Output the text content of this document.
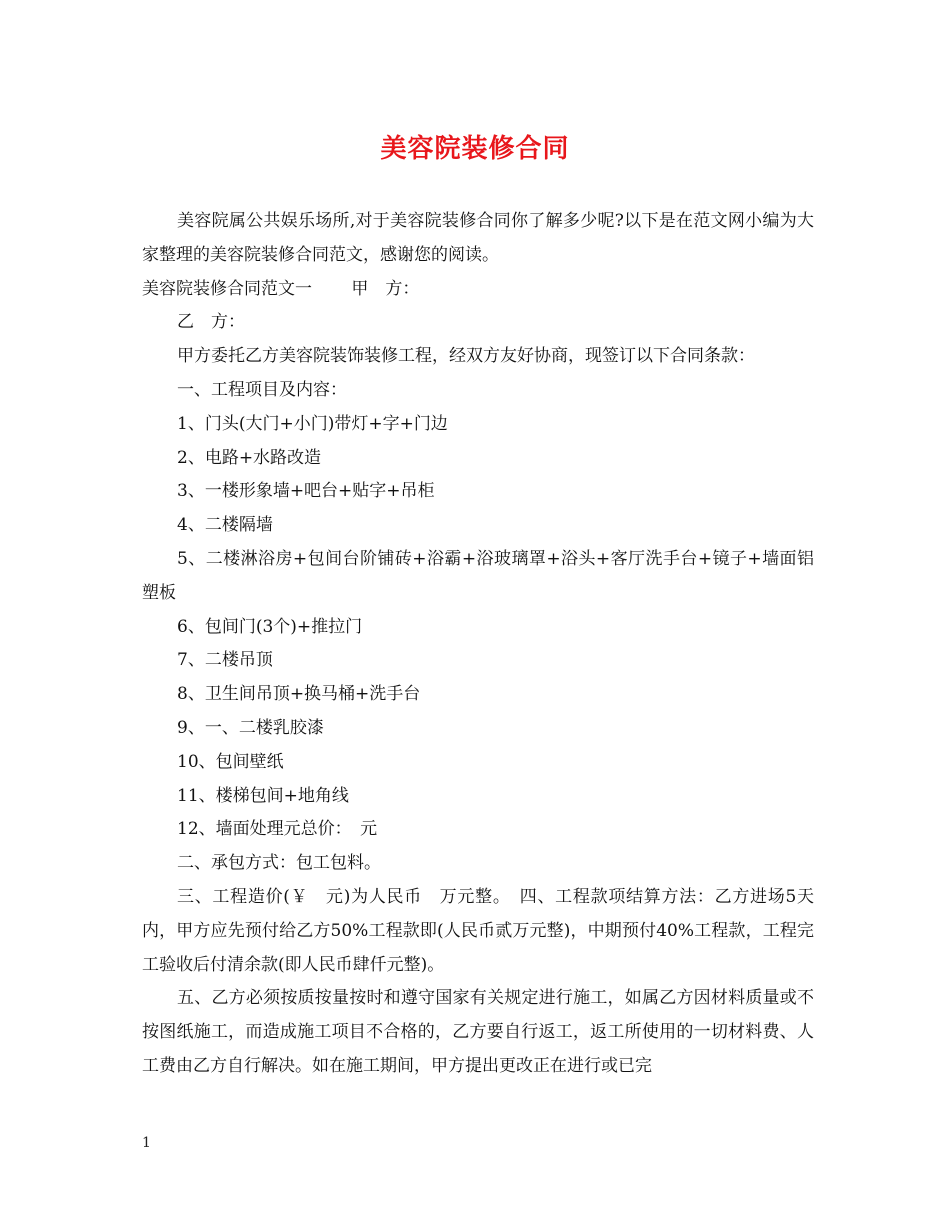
美容院装修合同

美容院属公共娱乐场所,对于美容院装修合同你了解多少呢?以下是在范文网小编为大家整理的美容院装修合同范文，感谢您的阅读。

美容院装修合同范文一　　 甲　方：

乙　方：

甲方委托乙方美容院装饰装修工程，经双方友好协商，现签订以下合同条款：

一、工程项目及内容：

1、门头(大门+小门)带灯+字+门边

2、电路+水路改造

3、一楼形象墙+吧台+贴字+吊柜

4、二楼隔墙

5、二楼淋浴房+包间台阶铺砖+浴霸+浴玻璃罩+浴头+客厅洗手台+镜子+墙面铝塑板

6、包间门(3个)+推拉门

7、二楼吊顶

8、卫生间吊顶+换马桶+洗手台

9、一、二楼乳胶漆

10、包间壁纸

11、楼梯包间+地角线

12、墙面处理元总价：　元

二、承包方式：包工包料。

三、工程造价(￥　元)为人民币　万元整。　四、工程款项结算方法：乙方进场5天内，甲方应先预付给乙方50%工程款即(人民币贰万元整)，中期预付40%工程款，工程完工验收后付清余款(即人民币肆仟元整)。

五、乙方必须按质按量按时和遵守国家有关规定进行施工，如属乙方因材料质量或不按图纸施工，而造成施工项目不合格的，乙方要自行返工，返工所使用的一切材料费、人工费由乙方自行解决。如在施工期间，甲方提出更改正在进行或已完

1
